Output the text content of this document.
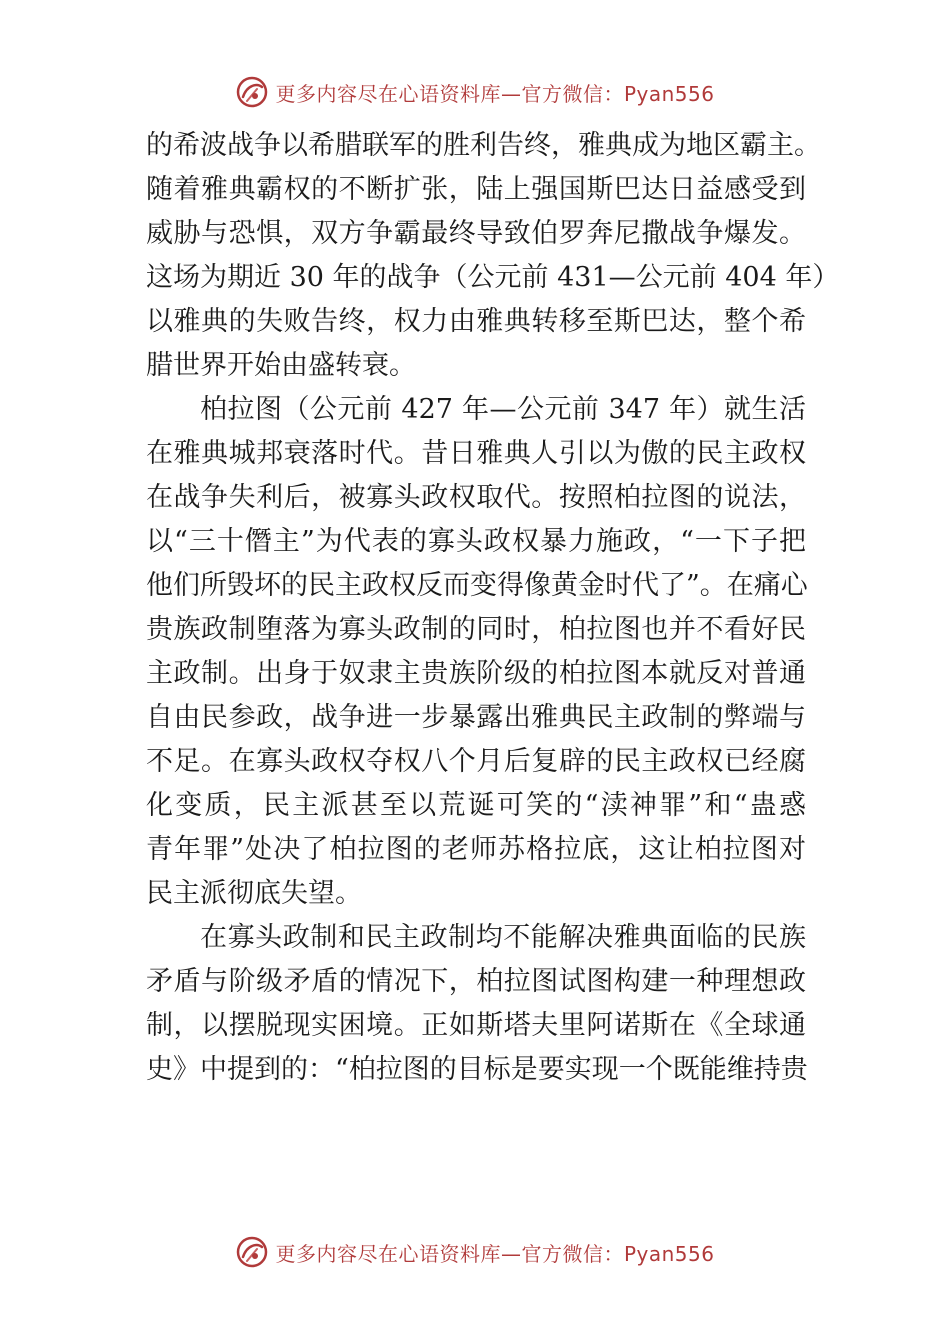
更多内容尽在心语资料库—官方微信：Pyan556
的希波战争以希腊联军的胜利告终，雅典成为地区霸主。
随着雅典霸权的不断扩张，陆上强国斯巴达日益感受到
威胁与恐惧，双方争霸最终导致伯罗奔尼撒战争爆发。
这场为期近 30 年的战争（公元前 431—公元前 404 年）
以雅典的失败告终，权力由雅典转移至斯巴达，整个希
腊世界开始由盛转衰。
柏拉图（公元前 427 年—公元前 347 年）就生活
在雅典城邦衰落时代。昔日雅典人引以为傲的民主政权
在战争失利后，被寡头政权取代。按照柏拉图的说法，
以“三十僭主”为代表的寡头政权暴力施政，“一下子把
他们所毁坏的民主政权反而变得像黄金时代了”。在痛心
贵族政制堕落为寡头政制的同时，柏拉图也并不看好民
主政制。出身于奴隶主贵族阶级的柏拉图本就反对普通
自由民参政，战争进一步暴露出雅典民主政制的弊端与
不足。在寡头政权夺权八个月后复辟的民主政权已经腐
化变质，民主派甚至以荒诞可笑的“渎神罪”和“蛊惑
青年罪”处决了柏拉图的老师苏格拉底，这让柏拉图对
民主派彻底失望。
在寡头政制和民主政制均不能解决雅典面临的民族
矛盾与阶级矛盾的情况下，柏拉图试图构建一种理想政
制，以摆脱现实困境。正如斯塔夫里阿诺斯在《全球通
史》中提到的：“柏拉图的目标是要实现一个既能维持贵
更多内容尽在心语资料库—官方微信：Pyan556
